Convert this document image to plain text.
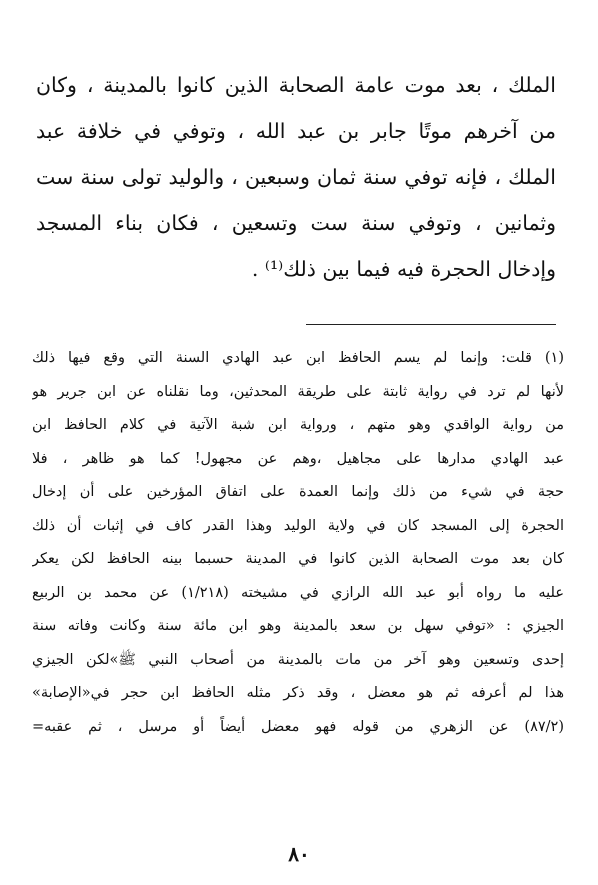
الملك ، بعد موت عامة الصحابة الذين كانوا بالمدينة ، وكان
من آخرهم موتًا جابر بن عبد الله ، وتوفي في خلافة عبد
الملك ، فإنه توفي سنة ثمان وسبعين ، والوليد تولى سنة ست
وثمانين ، وتوفي سنة ست وتسعين ، فكان بناء المسجد
وإدخال الحجرة فيه فيما بين ذلك⁽¹⁾ .
(١) قلت: وإنما لم يسم الحافظ ابن عبد الهادي السنة التي وقع فيها ذلك
لأنها لم ترد في رواية ثابتة على طريقة المحدثين، وما نقلناه عن ابن جرير هو
من رواية الواقدي وهو متهم ، ورواية ابن شبة الآتية في كلام الحافظ ابن
عبد الهادي مدارها على مجاهيل ،وهم عن مجهول! كما هو ظاهر ، فلا
حجة في شيء من ذلك وإنما العمدة على اتفاق المؤرخين على أن إدخال
الحجرة إلى المسجد كان في ولاية الوليد وهذا القدر كاف في إثبات أن ذلك
كان بعد موت الصحابة الذين كانوا في المدينة حسبما بينه الحافظ لكن يعكر
عليه ما رواه أبو عبد الله الرازي في مشيخته (١/٢١٨) عن محمد بن الربيع
الجيزي : «توفي سهل بن سعد بالمدينة وهو ابن مائة سنة وكانت وفاته سنة
إحدى وتسعين وهو آخر من مات بالمدينة من أصحاب النبي ﷺ»لكن الجيزي
هذا لم أعرفه ثم هو معضل ، وقد ذكر مثله الحافظ ابن حجر في«الإصابة»
(٨٧/٢) عن الزهري من قوله فهو معضل أيضاً أو مرسل ، ثم عقبه=
٨٠
